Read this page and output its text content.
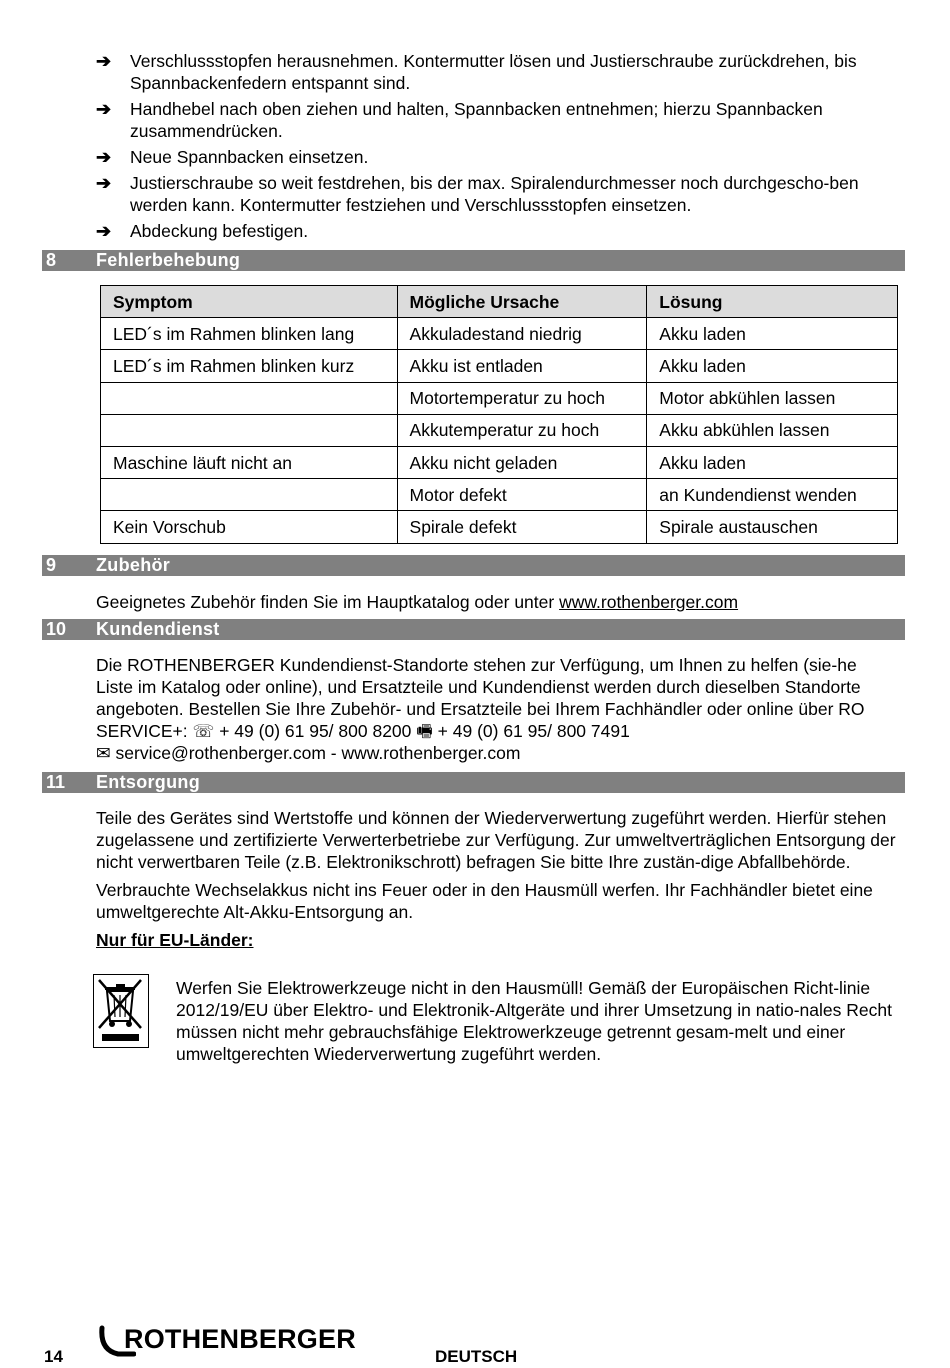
➔	Verschlussstopfen herausnehmen. Kontermutter lösen und Justierschraube zurückdrehen, bis Spannbackenfedern entspannt sind.
➔	Handhebel nach oben ziehen und halten, Spannbacken entnehmen; hierzu Spannbacken zusammendrücken.
➔	Neue Spannbacken einsetzen.
➔	Justierschraube so weit festdrehen, bis der max. Spiralendurchmesser noch durchgescho-ben werden kann. Kontermutter festziehen und Verschlussstopfen einsetzen.
➔	Abdeckung befestigen.
8	Fehlerbehebung
Symptom	Mögliche Ursache	Lösung
LED´s im Rahmen blinken lang	Akkuladestand niedrig	Akku laden
LED´s im Rahmen blinken kurz	Akku ist entladen	Akku laden
	Motortemperatur zu hoch	Motor abkühlen lassen
	Akkutemperatur zu hoch	Akku abkühlen lassen
Maschine läuft nicht an	Akku nicht geladen	Akku laden
	Motor defekt	an Kundendienst wenden
Kein Vorschub	Spirale defekt	Spirale austauschen
9	Zubehör
Geeignetes Zubehör finden Sie im Hauptkatalog oder unter www.rothenberger.com
10	Kundendienst
Die ROTHENBERGER Kundendienst-Standorte stehen zur Verfügung, um Ihnen zu helfen (sie-he Liste im Katalog oder online), und Ersatzteile und Kundendienst werden durch dieselben Standorte angeboten. Bestellen Sie Ihre Zubehör- und Ersatzteile bei Ihrem Fachhändler oder online über RO SERVICE+: ☏ + 49 (0) 61 95/ 800 8200 🖷 + 49 (0) 61 95/ 800 7491
✉ service@rothenberger.com - www.rothenberger.com
11	Entsorgung

Teile des Gerätes sind Wertstoffe und können der Wiederverwertung zugeführt werden. Hierfür stehen zugelassene und zertifizierte Verwerterbetriebe zur Verfügung. Zur umweltverträglichen Entsorgung der nicht verwertbaren Teile (z.B. Elektronikschrott) befragen Sie bitte Ihre zustän-dige Abfallbehörde.

Verbrauchte Wechselakkus nicht ins Feuer oder in den Hausmüll werfen. Ihr Fachhändler bietet eine umweltgerechte Alt-Akku-Entsorgung an.

Nur für EU-Länder:

Werfen Sie Elektrowerkzeuge nicht in den Hausmüll! Gemäß der Europäischen Richt-linie 2012/19/EU über Elektro- und Elektronik-Altgeräte und ihrer Umsetzung in natio-nales Recht müssen nicht mehr gebrauchsfähige Elektrowerkzeuge getrennt gesam-melt und einer umweltgerechten Wiederverwertung zugeführt werden.
14
ROTHENBERGER
DEUTSCH
